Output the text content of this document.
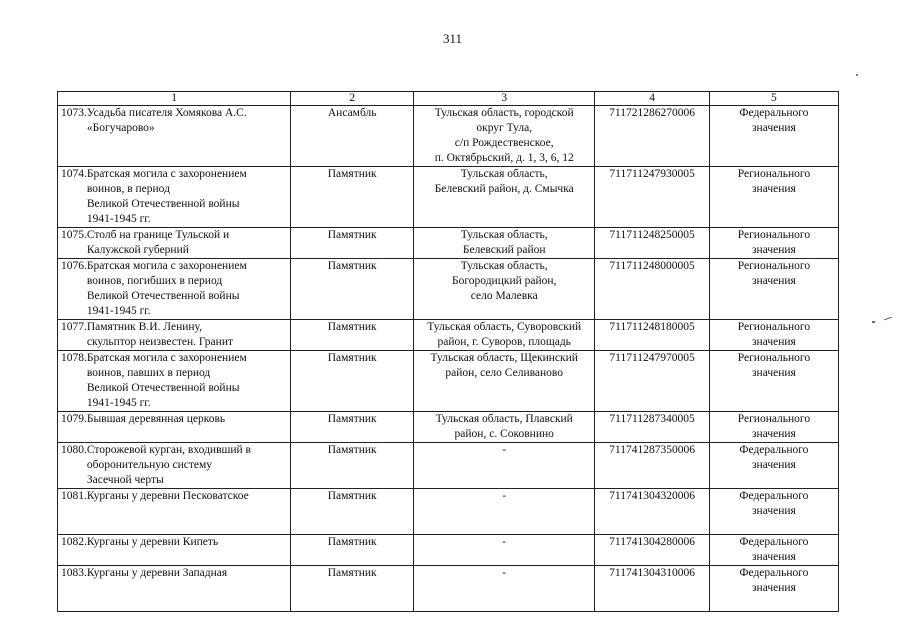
311
1	2	3	4	5

1073. Усадьба писателя Хомякова А.С.
«Богучарово»	Ансамбль	Тульская область, городской
округ Тула,
с/п Рождественское,
п. Октябрьский, д. 1, 3, 6, 12	711721286270006	Федерального
значения

1074. Братская могила с захоронением
воинов, в период
Великой Отечественной войны
1941-1945 гг.	Памятник	Тульская область,
Белевский район, д. Смычка	711711247930005	Регионального
значения

1075. Столб на границе Тульской и
Калужской губерний	Памятник	Тульская область,
Белевский район	711711248250005	Регионального
значения

1076. Братская могила с захоронением
воинов, погибших в период
Великой Отечественной войны
1941-1945 гг.	Памятник	Тульская область,
Богородицкий район,
село Малевка	711711248000005	Регионального
значения

1077. Памятник В.И. Ленину,
скульптор неизвестен. Гранит	Памятник	Тульская область, Суворовский
район, г. Суворов, площадь	711711248180005	Регионального
значения

1078. Братская могила с захоронением
воинов, павших в период
Великой Отечественной войны
1941-1945 гг.	Памятник	Тульская область, Щекинский
район, село Селиваново	711711247970005	Регионального
значения

1079. Бывшая деревянная церковь	Памятник	Тульская область, Плавский
район, с. Соковнино	711711287340005	Регионального
значения

1080. Сторожевой курган, входивший в
оборонительную систему
Засечной черты	Памятник	-	711741287350006	Федерального
значения

1081. Курганы у деревни Песковатское	Памятник	-	711741304320006	Федерального
значения

1082. Курганы у деревни Кипеть	Памятник	-	711741304280006	Федерального
значения

1083. Курганы у деревни Западная	Памятник	-	711741304310006	Федерального
значения
